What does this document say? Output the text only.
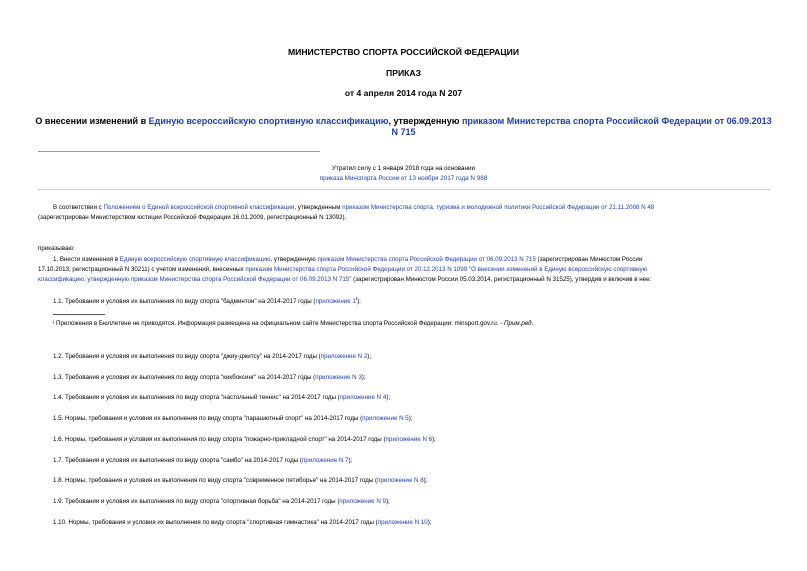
МИНИСТЕРСТВО СПОРТА РОССИЙСКОЙ ФЕДЕРАЦИИ
ПРИКАЗ
от 4 апреля 2014 года N 207
О внесении изменений в Единую всероссийскую спортивную классификацию, утвержденную приказом Министерства спорта Российской Федерации от 06.09.2013
N 715
Утратил силу с 1 января 2018 года на основании
приказа Минспорта России от 13 ноября 2017 года N 988
В соответствии с Положением о Единой всероссийской спортивной классификации, утвержденным приказом Министерства спорта, туризма и молодежной политики Российской Федерации от 21.11.2008 N 48
(зарегистрирован Министерством юстиции Российской Федерации 16.01.2009, регистрационный N 13092),
приказываю:
1. Внести изменения в Единую всероссийскую спортивную классификацию, утвержденную приказом Министерства спорта Российской Федерации от 06.09.2013 N 715 (зарегистрирован Минюстом России
17.10.2013, регистрационный N 30211) с учетом изменений, внесенных приказом Министерства спорта Российской Федерации от 20.12.2013 N 1099 "О внесении изменений в Единую всероссийскую спортивную
классификацию, утвержденную приказом Министерства спорта Российской Федерации от 06.09.2013 N 715" (зарегистрирован Минюстом России 05.03.2014, регистрационный N 31525), утвердив и включив в нее:
1.1. Требования и условия их выполнения по виду спорта "бадминтон" на 2014-2017 годы (приложение $1^I$);
$^I$ Приложения в Бюллетене не приводятся. Информация размещена на официальном сайте Министерства спорта Российской Федерации: minsport.gov.ru. - Прим.ред.
1.2. Требования и условия их выполнения по виду спорта "джиу-джитсу" на 2014-2017 годы (приложение N 2);
1.3. Требования и условия их выполнения по виду спорта "кикбоксинг" на 2014-2017 годы (приложение N 3);
1.4. Требования и условия их выполнения по виду спорта "настольный теннис" на 2014-2017 годы (приложение N 4);
1.5. Нормы, требования и условия их выполнения по виду спорта "парашютный спорт" на 2014-2017 годы (приложение N 5);
1.6. Нормы, требования и условия их выполнения по виду спорта "пожарно-прикладной спорт" на 2014-2017 годы (приложение N 6);
1.7. Требования и условия их выполнения по виду спорта "самбо" на 2014-2017 годы (приложение N 7);
1.8. Нормы, требования и условия их выполнения по виду спорта "современное пятиборье" на 2014-2017 годы (приложение N 8);
1.9. Требования и условия их выполнения по виду спорта "спортивная борьба" на 2014-2017 годы (приложение N 9);
1.10. Нормы, требования и условия их выполнения по виду спорта "спортивная гимнастика" на 2014-2017 годы (приложение N 10);
